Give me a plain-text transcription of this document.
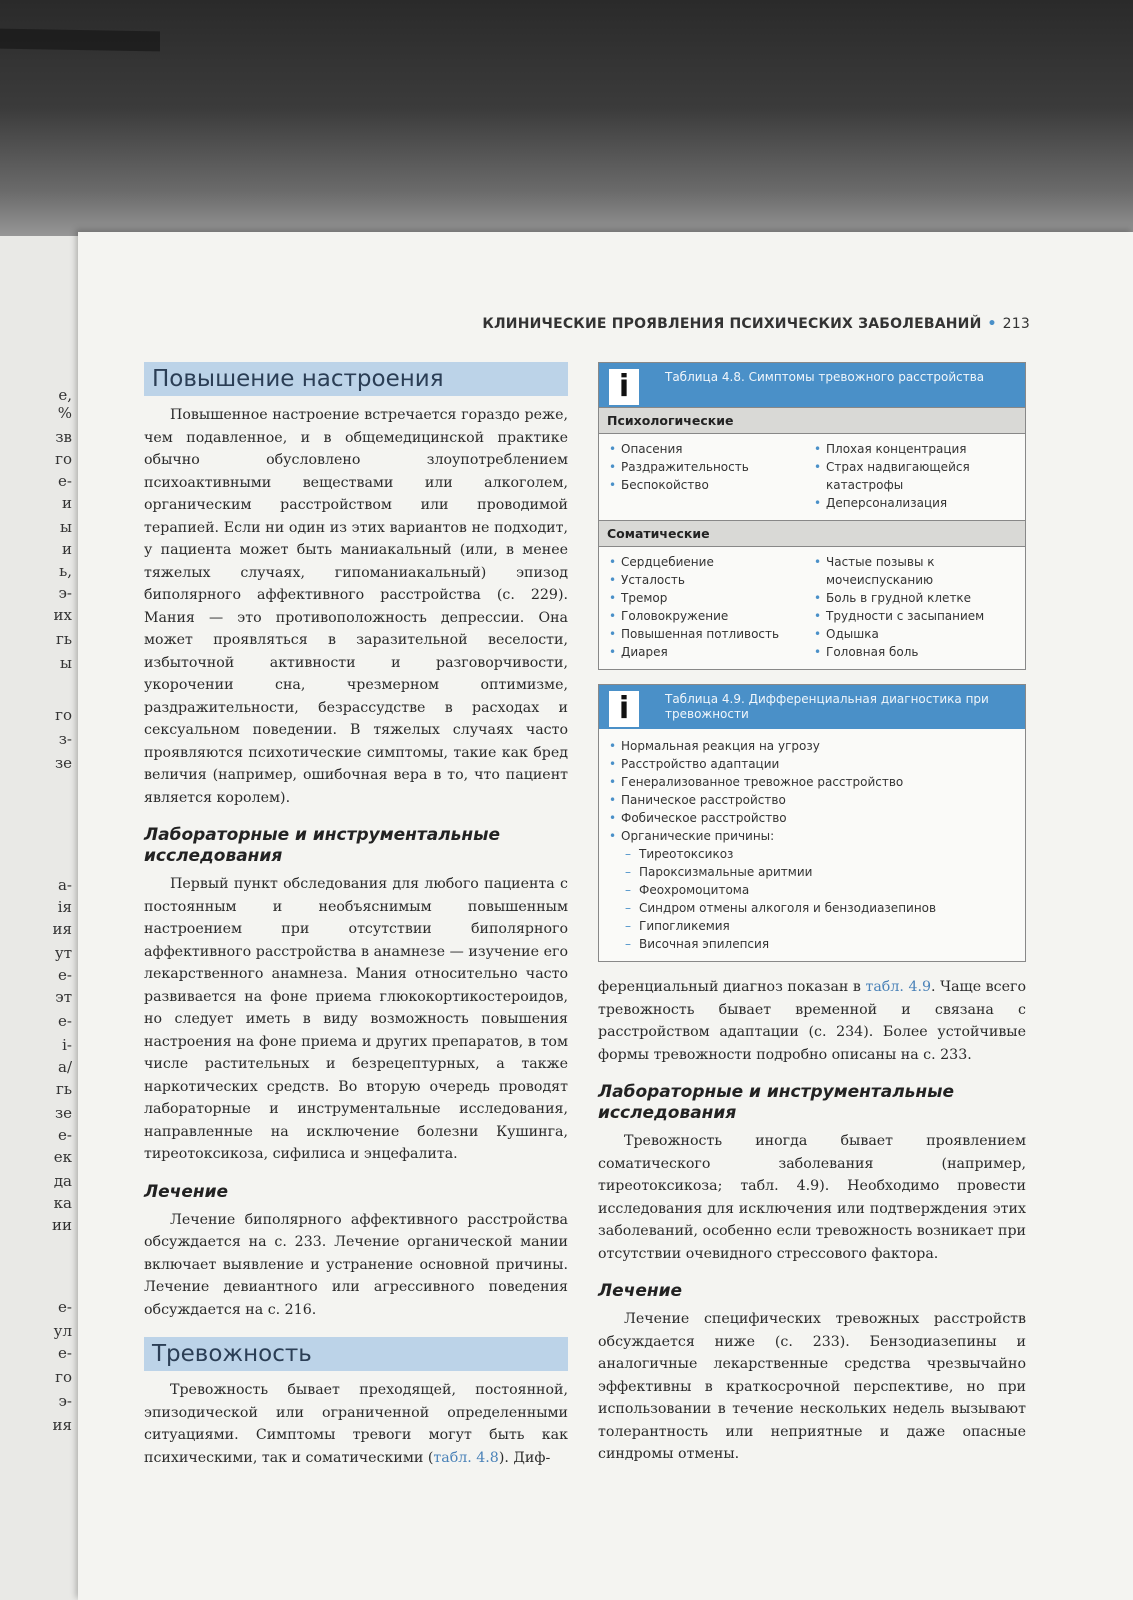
е,
%
зв
го
е-
и
ы
и
ь,
э-
их
гь
ы
го
з-
зе
а-
ія
ия
ут
е-
эт
е-
і-
а/
гь
зе
е-
ек
да
ка
ии
е-
ул
е-
го
э-
ия
КЛИНИЧЕСКИЕ ПРОЯВЛЕНИЯ ПСИХИЧЕСКИХ ЗАБОЛЕВАНИЙ • 213
Повышение настроения

Повышенное настроение встречается гораздо реже, чем подавленное, и в общемедицинской практике обычно обусловлено злоупотреблением психоактивными веществами или алкоголем, органическим расстройством или проводимой терапией. Если ни один из этих вариантов не подходит, у пациента может быть маниакальный (или, в менее тяжелых случаях, гипоманиакальный) эпизод биполярного аффективного расстройства (с. 229). Мания — это противоположность депрессии. Она может проявляться в заразительной веселости, избыточной активности и разговорчивости, укорочении сна, чрезмерном оптимизме, раздражительности, безрассудстве в расходах и сексуальном поведении. В тяжелых случаях часто проявляются психотические симптомы, такие как бред величия (например, ошибочная вера в то, что пациент является королем).

Лабораторные и инструментальные исследования

Первый пункт обследования для любого пациента с постоянным и необъяснимым повышенным настроением при отсутствии биполярного аффективного расстройства в анамнезе — изучение его лекарственного анамнеза. Мания относительно часто развивается на фоне приема глюкокортикостероидов, но следует иметь в виду возможность повышения настроения на фоне приема и других препаратов, в том числе растительных и безрецептурных, а также наркотических средств. Во вторую очередь проводят лабораторные и инструментальные исследования, направленные на исключение болезни Кушинга, тиреотоксикоза, сифилиса и энцефалита.

Лечение

Лечение биполярного аффективного расстройства обсуждается на с. 233. Лечение органической мании включает выявление и устранение основной причины. Лечение девиантного или агрессивного поведения обсуждается на с. 216.

Тревожность

Тревожность бывает преходящей, постоянной, эпизодической или ограниченной определенными ситуациями. Симптомы тревоги могут быть как психическими, так и соматическими (табл. 4.8). Диф-

i	Таблица 4.8. Симптомы тревожного расстройства
Психологические
• Опасения
• Раздражительность
• Беспокойство
• Плохая концентрация
• Страх надвигающейся катастрофы
• Деперсонализация
Соматические
• Сердцебиение
• Усталость
• Тремор
• Головокружение
• Повышенная потливость
• Диарея
• Частые позывы к мочеиспусканию
• Боль в грудной клетке
• Трудности с засыпанием
• Одышка
• Головная боль
i	Таблица 4.9. Дифференциальная диагностика при тревожности
• Нормальная реакция на угрозу
• Расстройство адаптации
• Генерализованное тревожное расстройство
• Паническое расстройство
• Фобическое расстройство
• Органические причины:
– Тиреотоксикоз
– Пароксизмальные аритмии
– Феохромоцитома
– Синдром отмены алкоголя и бензодиазепинов
– Гипогликемия
– Височная эпилепсия

ференциальный диагноз показан в табл. 4.9. Чаще всего тревожность бывает временной и связана с расстройством адаптации (с. 234). Более устойчивые формы тревожности подробно описаны на с. 233.

Лабораторные и инструментальные исследования

Тревожность иногда бывает проявлением соматического заболевания (например, тиреотоксикоза; табл. 4.9). Необходимо провести исследования для исключения или подтверждения этих заболеваний, особенно если тревожность возникает при отсутствии очевидного стрессового фактора.

Лечение

Лечение специфических тревожных расстройств обсуждается ниже (с. 233). Бензодиазепины и аналогичные лекарственные средства чрезвычайно эффективны в краткосрочной перспективе, но при использовании в течение нескольких недель вызывают толерантность или неприятные и даже опасные синдромы отмены.
